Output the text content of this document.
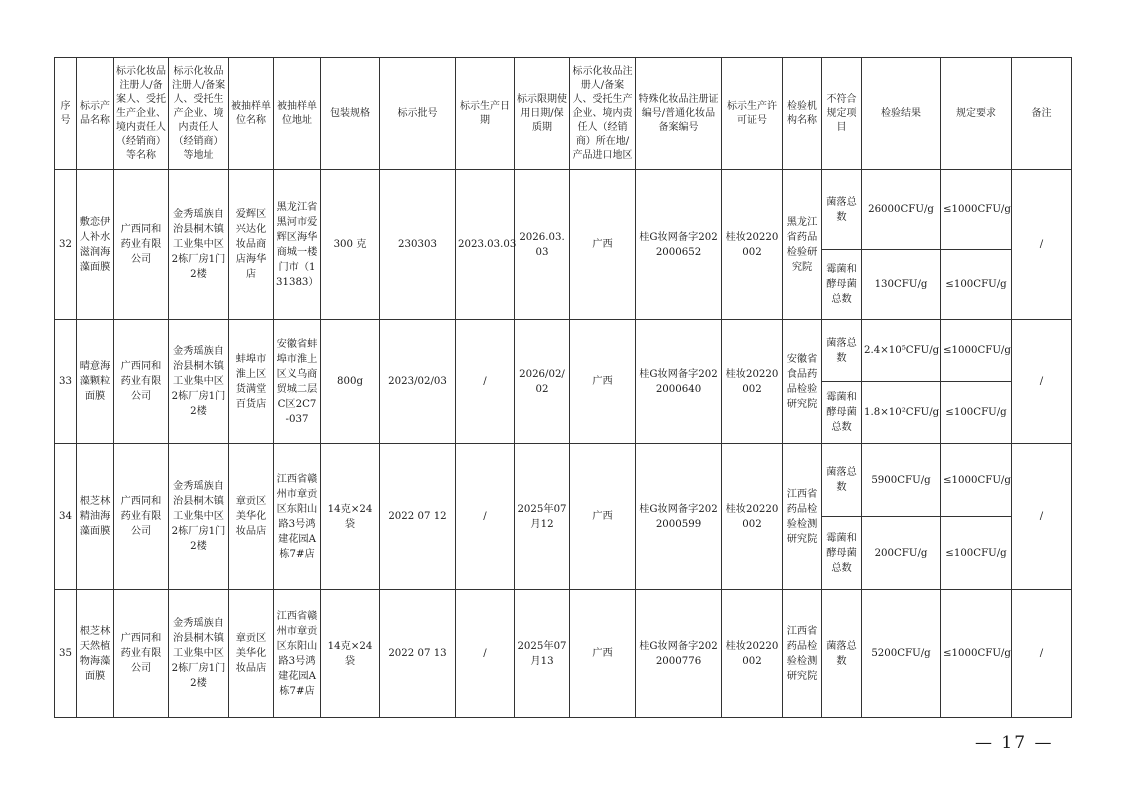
序号	标示产品名称	标示化妆品注册人/备案人、受托生产企业、境内责任人（经销商）等名称	标示化妆品注册人/备案人、受托生产企业、境内责任人（经销商）等地址	被抽样单位名称	被抽样单位地址	包装规格	标示批号	标示生产日期	标示限期使用日期/保质期	标示化妆品注册人/备案人、受托生产企业、境内责任人（经销商）所在地/产品进口地区	特殊化妆品注册证编号/普通化妆品备案编号	标示生产许可证号	检验机构名称	不符合规定项目	检验结果	规定要求	备注
32	敷恋伊人补水滋润海藻面膜	广西同和药业有限公司	金秀瑶族自治县桐木镇工业集中区2栋厂房1门2楼	爱辉区兴达化妆品商店海华店	黑龙江省黑河市爱辉区海华商城一楼门市（131383）	300 克	230303	2023.03.03	2026.03.03	广西	桂G妆网备字2022000652	桂妆20220002	黑龙江省药品检验研究院	菌落总数	26000CFU/g	≤1000CFU/g	/
														霉菌和酵母菌总数	130CFU/g	≤100CFU/g	
33	晴意海藻颗粒面膜	广西同和药业有限公司	金秀瑶族自治县桐木镇工业集中区2栋厂房1门2楼	蚌埠市淮上区货满堂百货店	安徽省蚌埠市淮上区义乌商贸城二层C区2C7-037	800g	2023/02/03	/	2026/02/02	广西	桂G妆网备字2022000640	桂妆20220002	安徽省食品药品检验研究院	菌落总数	2.4×10⁵CFU/g	≤1000CFU/g	/
														霉菌和酵母菌总数	1.8×10²CFU/g	≤100CFU/g	
34	根芝林精油海藻面膜	广西同和药业有限公司	金秀瑶族自治县桐木镇工业集中区2栋厂房1门2楼	章贡区美华化妆品店	江西省赣州市章贡区东阳山路3号鸿建花园A栋7#店	14克×24袋	2022 07 12	/	2025年07月12	广西	桂G妆网备字2022000599	桂妆20220002	江西省药品检验检测研究院	菌落总数	5900CFU/g	≤1000CFU/g	/
														霉菌和酵母菌总数	200CFU/g	≤100CFU/g	
35	根芝林天然植物海藻面膜	广西同和药业有限公司	金秀瑶族自治县桐木镇工业集中区2栋厂房1门2楼	章贡区美华化妆品店	江西省赣州市章贡区东阳山路3号鸿建花园A栋7#店	14克×24袋	2022 07 13	/	2025年07月13	广西	桂G妆网备字2022000776	桂妆20220002	江西省药品检验检测研究院	菌落总数	5200CFU/g	≤1000CFU/g	/
— 17 —
